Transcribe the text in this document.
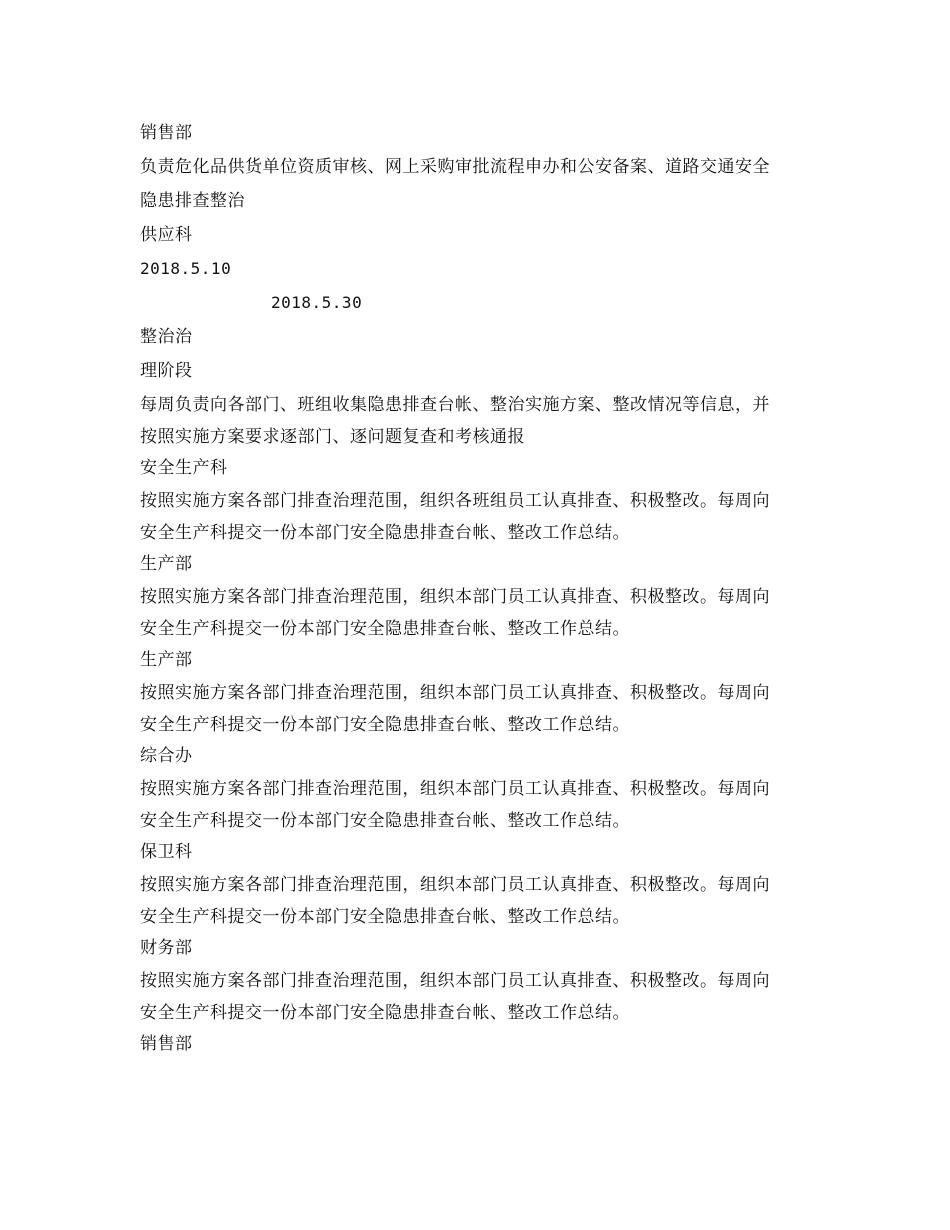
销售部
负责危化品供货单位资质审核、网上采购审批流程申办和公安备案、道路交通安全
隐患排查整治
供应科
2018.5.10
2018.5.30
整治治
理阶段
每周负责向各部门、班组收集隐患排查台帐、整治实施方案、整改情况等信息，并
按照实施方案要求逐部门、逐问题复查和考核通报
安全生产科
按照实施方案各部门排查治理范围，组织各班组员工认真排查、积极整改。每周向
安全生产科提交一份本部门安全隐患排查台帐、整改工作总结。
生产部
按照实施方案各部门排查治理范围，组织本部门员工认真排查、积极整改。每周向
安全生产科提交一份本部门安全隐患排查台帐、整改工作总结。
生产部
按照实施方案各部门排查治理范围，组织本部门员工认真排查、积极整改。每周向
安全生产科提交一份本部门安全隐患排查台帐、整改工作总结。
综合办
按照实施方案各部门排查治理范围，组织本部门员工认真排查、积极整改。每周向
安全生产科提交一份本部门安全隐患排查台帐、整改工作总结。
保卫科
按照实施方案各部门排查治理范围，组织本部门员工认真排查、积极整改。每周向
安全生产科提交一份本部门安全隐患排查台帐、整改工作总结。
财务部
按照实施方案各部门排查治理范围，组织本部门员工认真排查、积极整改。每周向
安全生产科提交一份本部门安全隐患排查台帐、整改工作总结。
销售部
